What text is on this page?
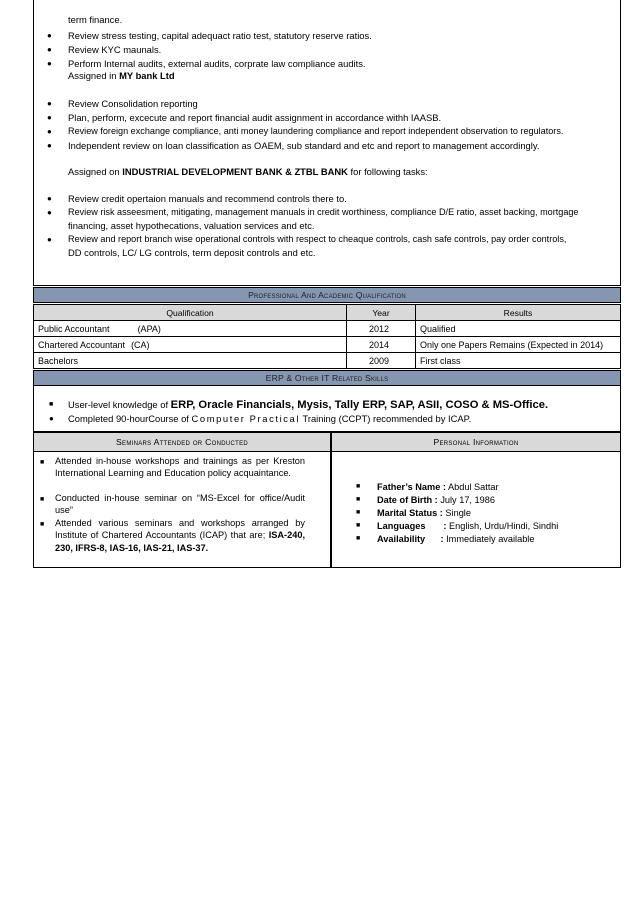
term finance.
● Review stress testing, capital adequact ratio test, statutory reserve ratios.
● Review KYC maunals.
● Perform Internal audits, external audits, corprate law compliance audits.
Assigned in MY bank Ltd
● Review Consolidation reporting
● Plan, perform, excecute and report financial audit assignment in accordance withh IAASB.
● Review foreign exchange compliance, anti money laundering compliance and report independent observation to regulators.
● Independent review on loan classification as OAEM, sub standard and etc and report to management accordingly.
Assigned on INDUSTRIAL DEVELOPMENT BANK & ZTBL BANK for following tasks:
● Review credit opertaion manuals and recommend controls there to.
● Review risk asseesment, mitigating, management manuals in credit worthiness, compliance D/E ratio, asset backing, mortgage
financing, asset hypothecations, valuation services and etc.
● Review and report branch wise operational controls with respect to cheaque controls, cash safe controls, pay order controls,
DD controls, LC/ LG controls, term deposit controls and etc.
Professional And Academic Qualification
Qualification	Year	Results
Public Accountant (APA)	2012	Qualified
Chartered Accountant (CA)	2014	Only one Papers Remains (Expected in 2014)
Bachelors	2009	First class
ERP & Other IT Related Skills
■ User-level knowledge of ERP, Oracle Financials, Mysis, Tally ERP, SAP, ASII, COSO & MS-Office.
● Completed 90-hourCourse of Computer Practical Training (CCPT) recommended by ICAP.
Seminars Attended or Conducted
■ Attended in-house workshops and trainings as per Kreston International Learning and Education policy acquaintance.
■ Conducted in-house seminar on “MS-Excel for office/Audit use”
■ Attended various seminars and workshops arranged by Institute of Chartered Accountants (ICAP) that are; ISA-240, 230, IFRS-8, IAS-16, IAS-21, IAS-37.
Personal Information
■ Father’s Name : Abdul Sattar
■ Date of Birth : July 17, 1986
■ Marital Status : Single
■ Languages       : English, Urdu/Hindi, Sindhi
■ Availability      : Immediately available
